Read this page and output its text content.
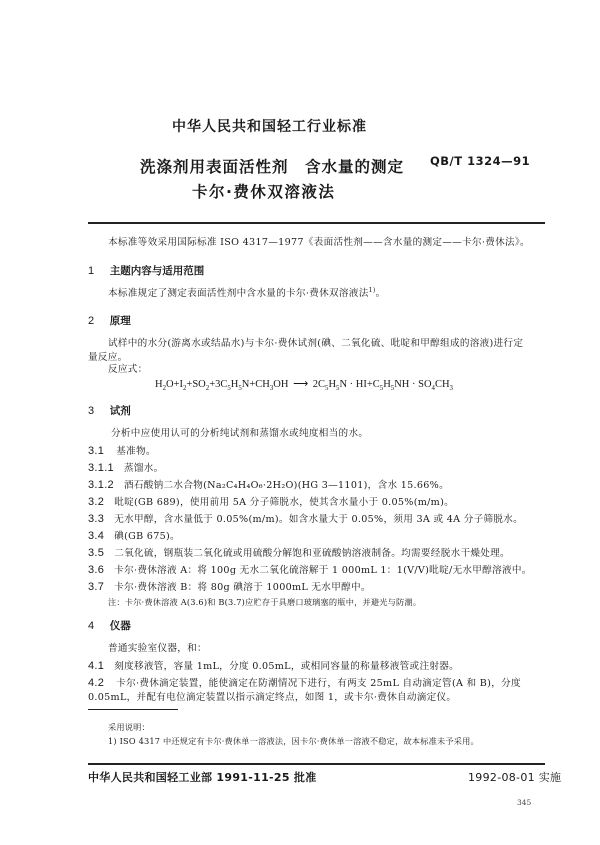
中华人民共和国轻工行业标准
洗涤剂用表面活性剂　含水量的测定
卡尔·费休双溶液法
QB/T 1324—91
本标准等效采用国际标准 ISO 4317—1977《表面活性剂——含水量的测定——卡尔·费休法》。
1 主题内容与适用范围
本标准规定了测定表面活性剂中含水量的卡尔·费休双溶液法$^{1)}$。
2 原理
试样中的水分(游离水或结晶水)与卡尔·费休试剂(碘、二氧化硫、吡啶和甲醇组成的溶液)进行定
量反应。
反应式：
$H_2O+I_2+SO_2+3C_5H_5N+CH_3OH$ ⟶ $2C_5H_5N \cdot HI+C_5H_5NH \cdot SO_4CH_3$
3 试剂
分析中应使用认可的分析纯试剂和蒸馏水或纯度相当的水。
3.1 基准物。
3.1.1 蒸馏水。
3.1.2 酒石酸钠二水合物(Na₂C₄H₄O₆·2H₂O)(HG 3—1101)，含水 15.66%。
3.2 吡啶(GB 689)，使用前用 5A 分子筛脱水，使其含水量小于 0.05%(m/m)。
3.3 无水甲醇，含水量低于 0.05%(m/m)。如含水量大于 0.05%，须用 3A 或 4A 分子筛脱水。
3.4 碘(GB 675)。
3.5 二氧化硫，钢瓶装二氧化硫或用硫酸分解饱和亚硫酸钠溶液制备。均需要经脱水干燥处理。
3.6 卡尔·费休溶液 A：将 100g 无水二氧化硫溶解于 1 000mL 1：1(V/V)吡啶/无水甲醇溶液中。
3.7 卡尔·费休溶液 B：将 80g 碘溶于 1000mL 无水甲醇中。
注：卡尔·费休溶液 A(3.6)和 B(3.7)应贮存于具磨口玻璃塞的瓶中，并避光与防潮。
4 仪器
普通实验室仪器，和：
4.1 刻度移液管，容量 1mL，分度 0.05mL，或相同容量的称量移液管或注射器。
4.2 卡尔·费休滴定装置，能使滴定在防潮情况下进行，有两支 25mL 自动滴定管(A 和 B)，分度
0.05mL，并配有电位滴定装置以指示滴定终点，如图 1，或卡尔·费休自动滴定仪。
采用说明：
1) ISO 4317 中还规定有卡尔·费休单一溶液法，因卡尔·费休单一溶液不稳定，故本标准未予采用。
中华人民共和国轻工业部 1991-11-25 批准	1992-08-01 实施
345
